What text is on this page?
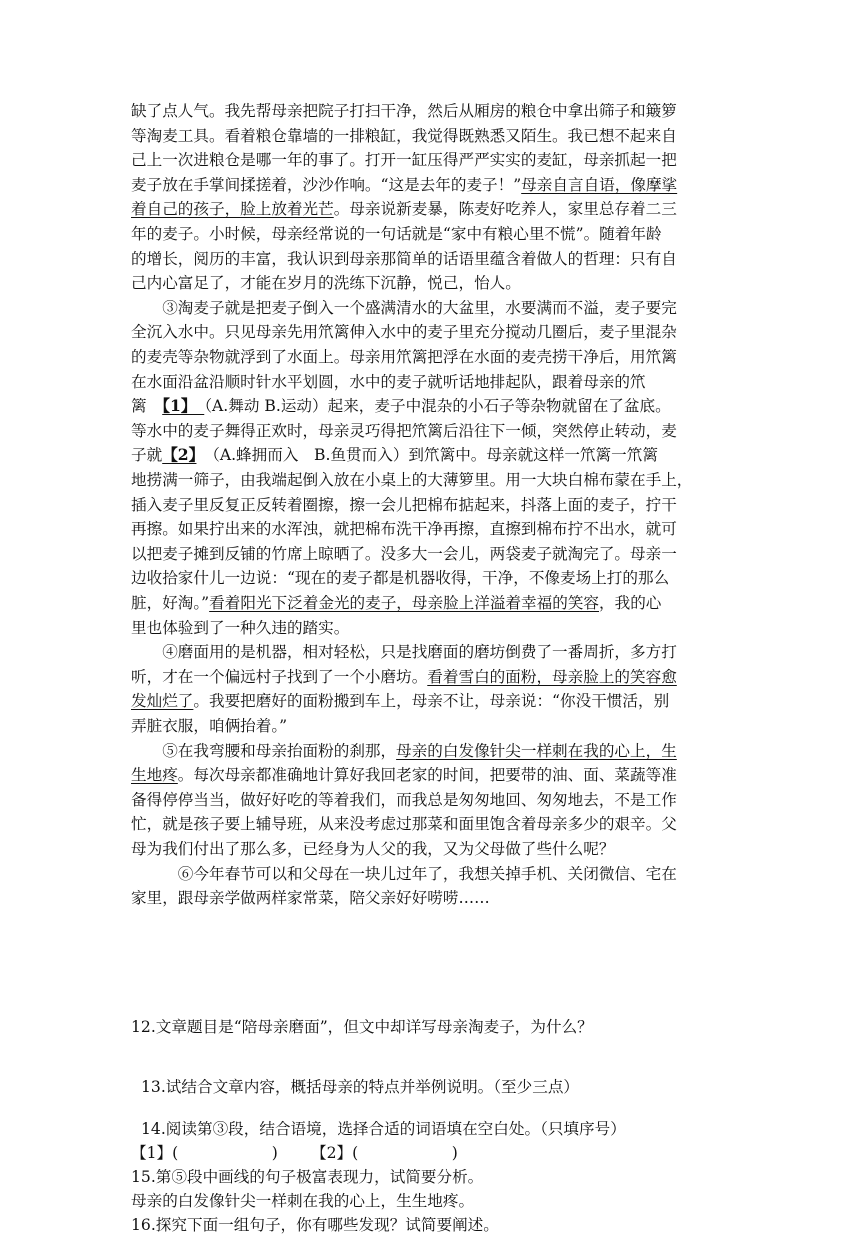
缺了点人气。我先帮母亲把院子打扫干净，然后从厢房的粮仓中拿出筛子和簸箩
等淘麦工具。看着粮仓靠墙的一排粮缸，我觉得既熟悉又陌生。我已想不起来自
己上一次进粮仓是哪一年的事了。打开一缸压得严严实实的麦缸，母亲抓起一把
麦子放在手掌间揉搓着，沙沙作响。“这是去年的麦子！”母亲自言自语，像摩挲
着自己的孩子，脸上放着光芒。母亲说新麦暴，陈麦好吃养人，家里总存着二三
年的麦子。小时候，母亲经常说的一句话就是“家中有粮心里不慌”。随着年龄
的增长，阅历的丰富，我认识到母亲那简单的话语里蕴含着做人的哲理：只有自
己内心富足了，才能在岁月的洗练下沉静，悦己，怡人。
　　③淘麦子就是把麦子倒入一个盛满清水的大盆里，水要满而不溢，麦子要完
全沉入水中。只见母亲先用笊篱伸入水中的麦子里充分搅动几圈后，麦子里混杂
的麦壳等杂物就浮到了水面上。母亲用笊篱把浮在水面的麦壳捞干净后，用笊篱
在水面沿盆沿顺时针水平划圆，水中的麦子就听话地排起队，跟着母亲的笊
篱　【1】　（A.舞动 B.运动）起来，麦子中混杂的小石子等杂物就留在了盆底。
等水中的麦子舞得正欢时，母亲灵巧得把笊篱后沿往下一倾，突然停止转动，麦
子就【2】　（A.蜂拥而入　B.鱼贯而入）到笊篱中。母亲就这样一笊篱一笊篱
地捞满一筛子，由我端起倒入放在小桌上的大薄箩里。用一大块白棉布蒙在手上，
插入麦子里反复正反转着圈擦，擦一会儿把棉布掂起来，抖落上面的麦子，拧干
再擦。如果拧出来的水浑浊，就把棉布洗干净再擦，直擦到棉布拧不出水，就可
以把麦子摊到反铺的竹席上晾晒了。没多大一会儿，两袋麦子就淘完了。母亲一
边收拾家什儿一边说：“现在的麦子都是机器收得，干净，不像麦场上打的那么
脏，好淘。”看着阳光下泛着金光的麦子，母亲脸上洋溢着幸福的笑容，我的心
里也体验到了一种久违的踏实。
　　④磨面用的是机器，相对轻松，只是找磨面的磨坊倒费了一番周折，多方打
听，才在一个偏远村子找到了一个小磨坊。看着雪白的面粉，母亲脸上的笑容愈
发灿烂了。我要把磨好的面粉搬到车上，母亲不让，母亲说：“你没干惯活，别
弄脏衣服，咱俩抬着。”
　　⑤在我弯腰和母亲抬面粉的刹那，母亲的白发像针尖一样刺在我的心上，生
生地疼。每次母亲都准确地计算好我回老家的时间，把要带的油、面、菜蔬等准
备得停停当当，做好好吃的等着我们，而我总是匆匆地回、匆匆地去，不是工作
忙，就是孩子要上辅导班，从来没考虑过那菜和面里饱含着母亲多少的艰辛。父
母为我们付出了那么多，已经身为人父的我，又为父母做了些什么呢？
　　　⑥今年春节可以和父母在一块儿过年了，我想关掉手机、关闭微信、宅在
家里，跟母亲学做两样家常菜，陪父亲好好唠唠……
12.文章题目是“陪母亲磨面”，但文中却详写母亲淘麦子，为什么？
13.试结合文章内容，概括母亲的特点并举例说明。（至少三点）
14.阅读第③段，结合语境，选择合适的词语填在空白处。（只填序号）
【1】(　　　　　　)	【2】(　　　　　　)
15.第⑤段中画线的句子极富表现力，试简要分析。
母亲的白发像针尖一样刺在我的心上，生生地疼。
16.探究下面一组句子，你有哪些发现？试简要阐述。
